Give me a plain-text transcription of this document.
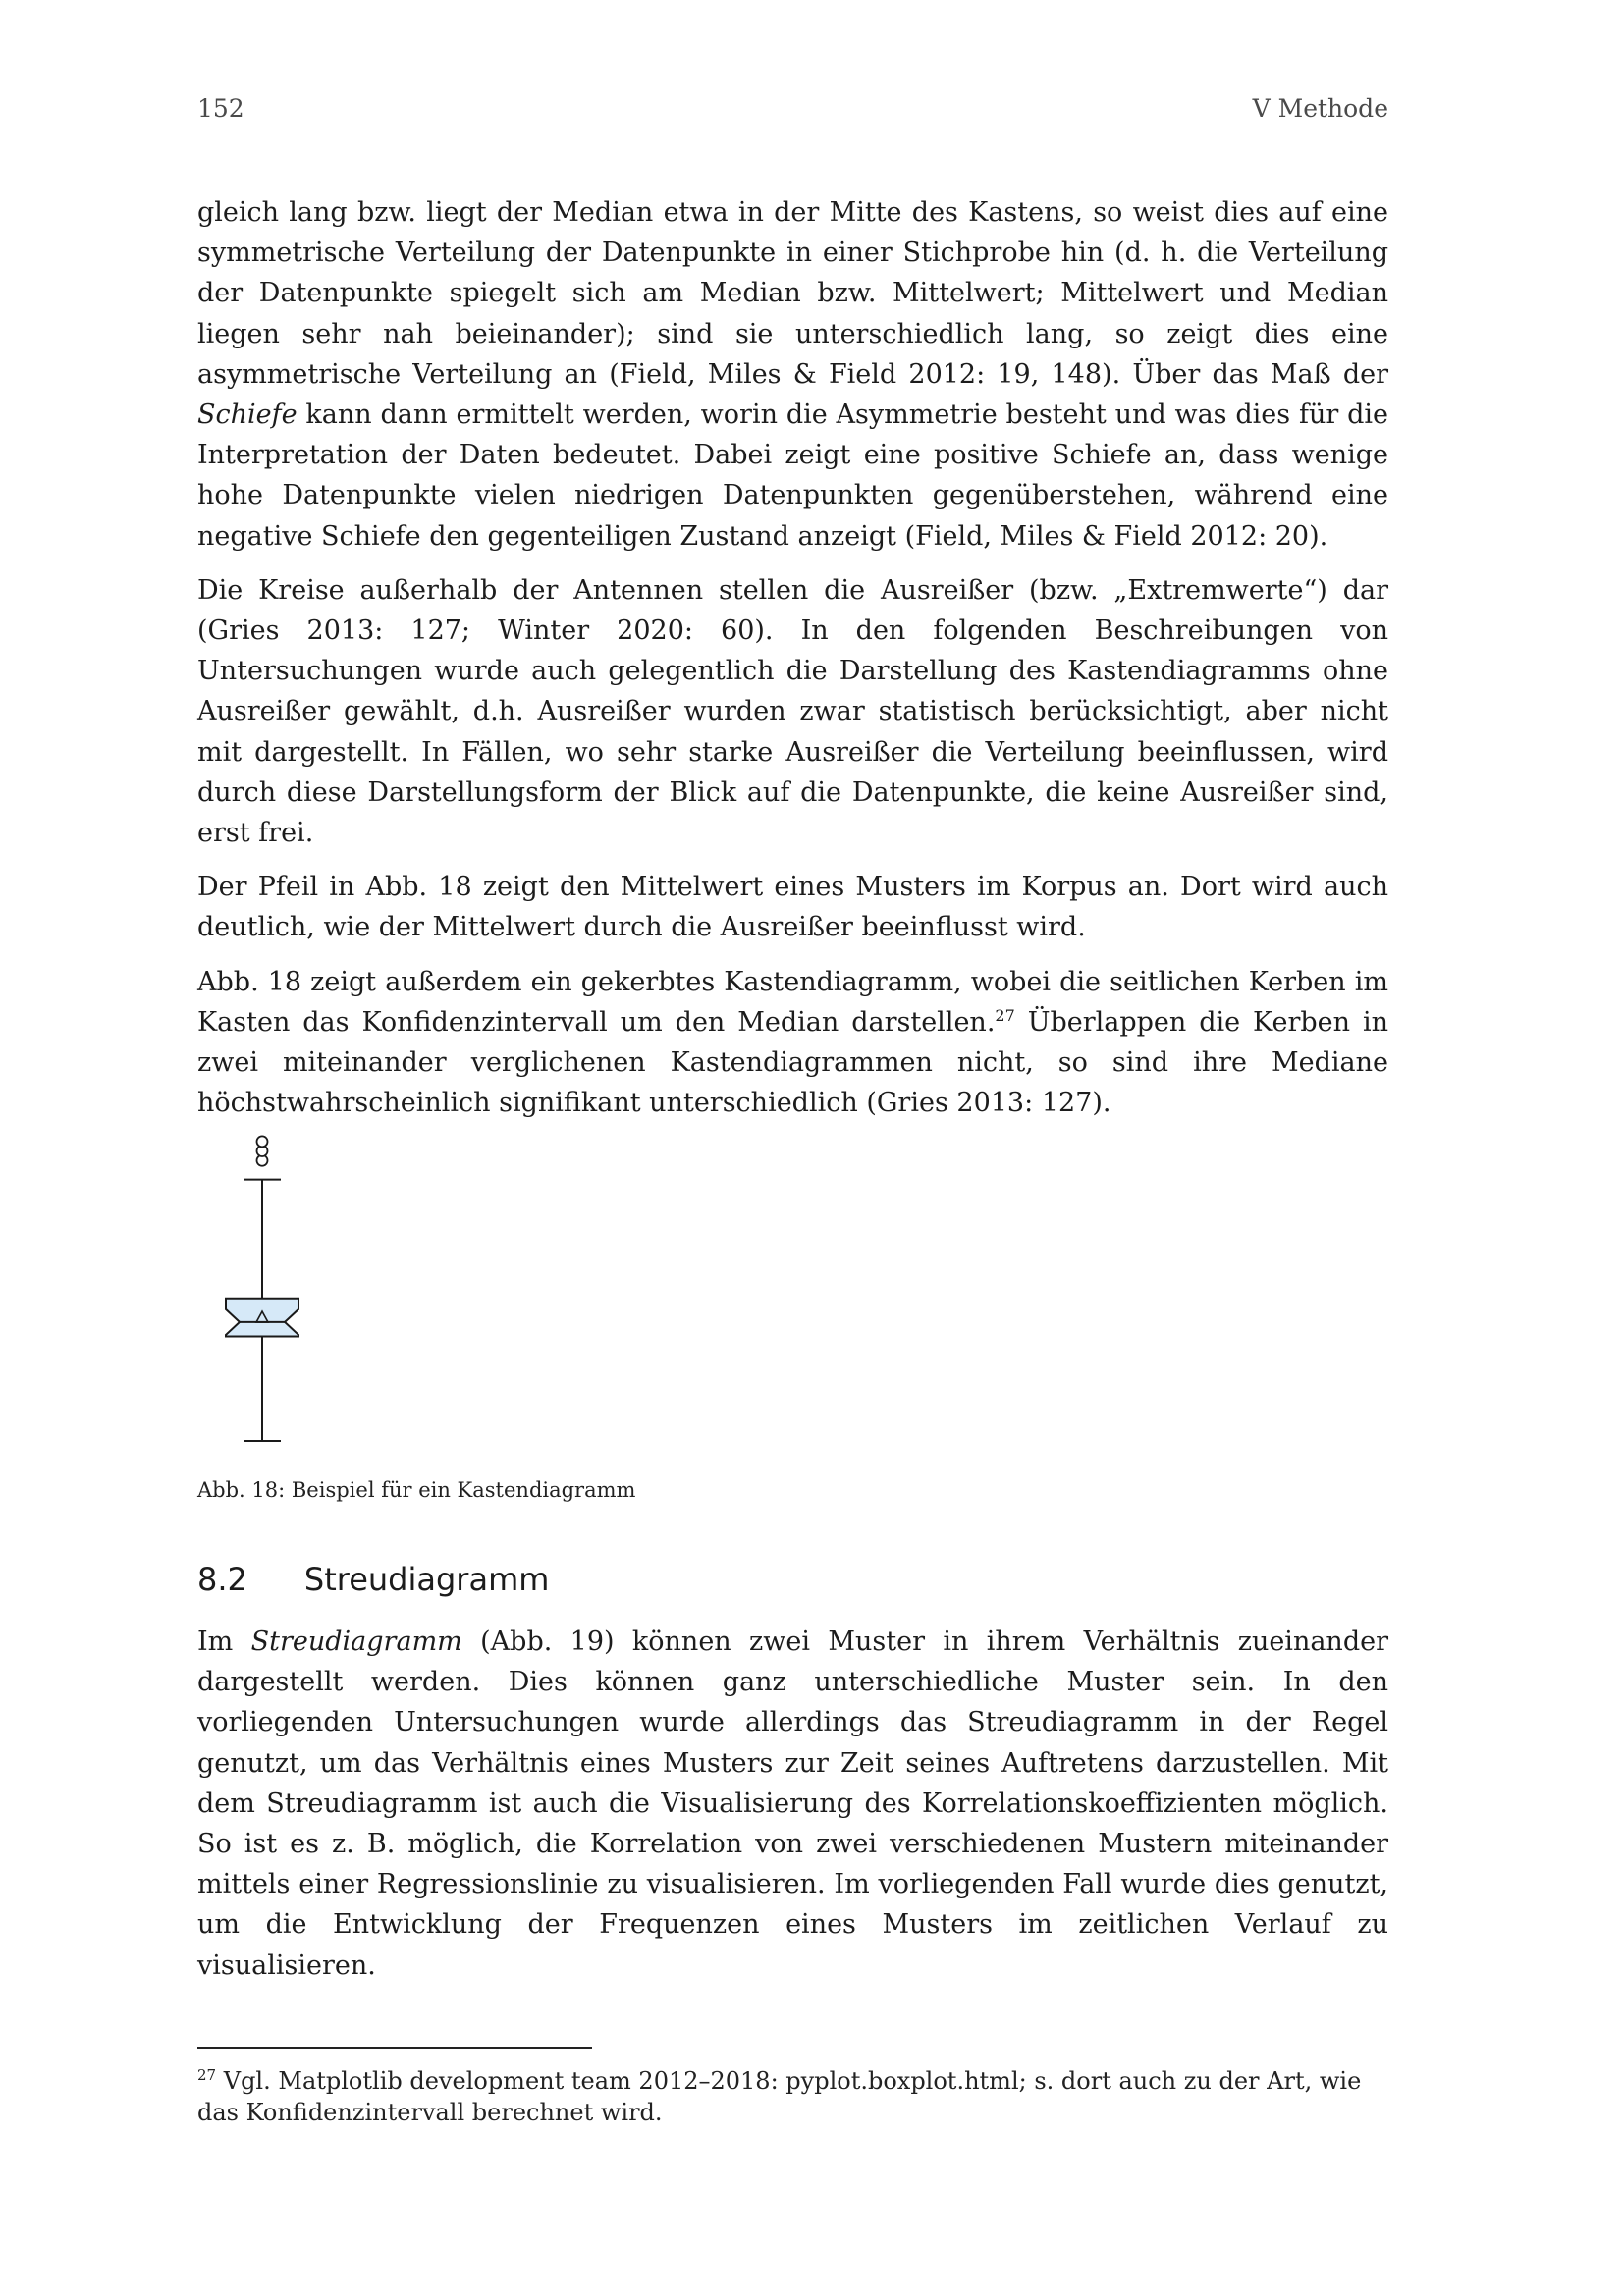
152	V Methode

gleich lang bzw. liegt der Median etwa in der Mitte des Kastens, so weist dies auf eine symmetrische Verteilung der Datenpunkte in einer Stichprobe hin (d. h. die Verteilung der Datenpunkte spiegelt sich am Median bzw. Mittelwert; Mittelwert und Median liegen sehr nah beieinander); sind sie unterschiedlich lang, so zeigt dies eine asymmetrische Verteilung an (Field, Miles & Field 2012: 19, 148). Über das Maß der Schiefe kann dann ermittelt werden, worin die Asymmetrie besteht und was dies für die Interpretation der Daten bedeutet. Dabei zeigt eine positive Schiefe an, dass wenige hohe Datenpunkte vielen niedrigen Datenpunkten gegenüberstehen, während eine negative Schiefe den gegenteiligen Zustand anzeigt (Field, Miles & Field 2012: 20).

Die Kreise außerhalb der Antennen stellen die Ausreißer (bzw. „Extremwerte“) dar (Gries 2013: 127; Winter 2020: 60). In den folgenden Beschreibungen von Untersuchungen wurde auch gelegentlich die Darstellung des Kastendiagramms ohne Ausreißer gewählt, d.h. Ausreißer wurden zwar statistisch berücksichtigt, aber nicht mit dargestellt. In Fällen, wo sehr starke Ausreißer die Verteilung beeinflussen, wird durch diese Darstellungsform der Blick auf die Datenpunkte, die keine Ausreißer sind, erst frei.

Der Pfeil in Abb. 18 zeigt den Mittelwert eines Musters im Korpus an. Dort wird auch deutlich, wie der Mittelwert durch die Ausreißer beeinflusst wird.

Abb. 18 zeigt außerdem ein gekerbtes Kastendiagramm, wobei die seitlichen Kerben im Kasten das Konfidenzintervall um den Median darstellen.$^{27}$ Überlappen die Kerben in zwei miteinander verglichenen Kastendiagrammen nicht, so sind ihre Mediane höchstwahrscheinlich signifikant unterschiedlich (Gries 2013: 127).

Abb. 18: Beispiel für ein Kastendiagramm
8.2 Streudiagramm

Im Streudiagramm (Abb. 19) können zwei Muster in ihrem Verhältnis zueinander dargestellt werden. Dies können ganz unterschiedliche Muster sein. In den vorliegenden Untersuchungen wurde allerdings das Streudiagramm in der Regel genutzt, um das Verhältnis eines Musters zur Zeit seines Auftretens darzustellen. Mit dem Streudiagramm ist auch die Visualisierung des Korrelationskoeffizienten möglich. So ist es z. B. möglich, die Korrelation von zwei verschiedenen Mustern miteinander mittels einer Regressionslinie zu visualisieren. Im vorliegenden Fall wurde dies genutzt, um die Entwicklung der Frequenzen eines Musters im zeitlichen Verlauf zu visualisieren.

$^{27}$ Vgl. Matplotlib development team 2012–2018: pyplot.boxplot.html; s. dort auch zu der Art, wie das Konfidenzintervall berechnet wird.
